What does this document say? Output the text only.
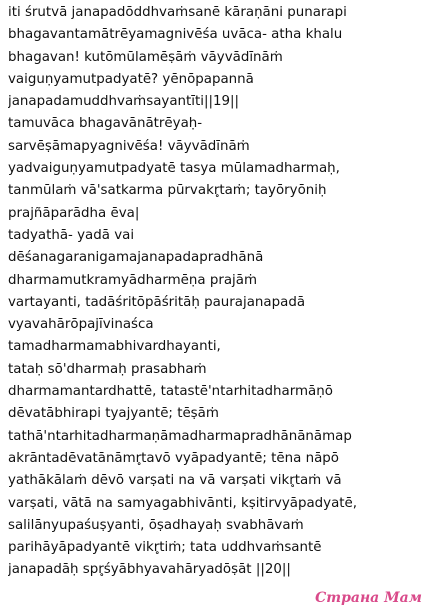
iti śrutvā janapadōddhvaṁsanē kāraṇāni punarapi
bhagavantamātrēyamagnivēśa uvāca- atha khalu
bhagavan! kutōmūlamēṣāṁ vāyvādīnāṁ
vaiguṇyamutpadyatē? yēnōpapannā
janapadamuddhvaṁsayantīti||19||
tamuvāca bhagavānātrēyaḥ-
sarvēṣāmapyagnivēśa! vāyvādīnāṁ
yadvaiguṇyamutpadyatē tasya mūlamadharmaḥ,
tanmūlaṁ vā'satkarma pūrvakr̥taṁ; tayōryōniḥ
prajñāparādha ēva|
tadyathā- yadā vai
dēśanagaranigamajanapadapradhānā
dharmamutkramyādharmēṇa prajāṁ
vartayanti, tadāśritōpāśritāḥ paurajanapadā
vyavahārōpajīvinaśca
tamadharmamabhivardhayanti,
tataḥ sō'dharmaḥ prasabhaṁ
dharmamantardhattē, tatastē'ntarhitadharmāṇō
dēvatābhirapi tyajyantē; tēṣāṁ
tathā'ntarhitadharmaṇāmadharmapradhānānāmap
akrāntadēvatānāmr̥tavō vyāpadyantē; tēna nāpō
yathākālaṁ dēvō varṣati na vā varṣati vikr̥taṁ vā
varṣati, vātā na samyagabhivānti, kṣitirvyāpadyatē,
salilānyupaśuṣyanti, ōṣadhayaḥ svabhāvaṁ
parihāyāpadyantē vikr̥tiṁ; tata uddhvaṁsantē
janapadāḥ spr̥śyābhyavahāryadōṣāt ||20||
Страна Мам
